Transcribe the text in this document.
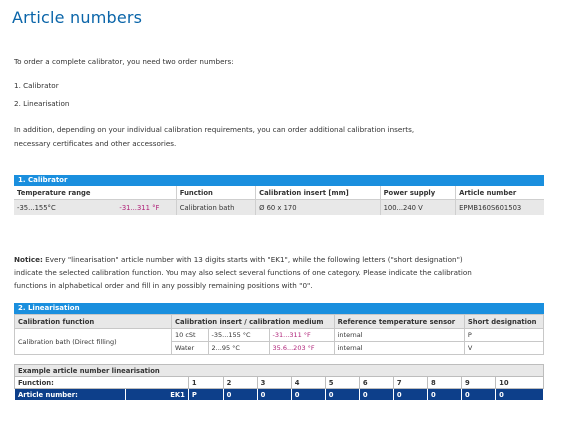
Article numbers
To order a complete calibrator, you need two order numbers:
1. Calibrator
2. Linearisation
In addition, depending on your individual calibration requirements, you can order additional calibration inserts,
necessary certificates and other accessories.
1. Calibrator
Temperature range		Function	Calibration insert [mm]	Power supply	Article number
-35...155°C	-31...311 °F	Calibration bath	Ø 60 x 170	100...240 V	EPMB160S601503
Notice: Every "linearisation" article number with 13 digits starts with "EK1", while the following letters ("short designation")
indicate the selected calibration function. You may also select several functions of one category. Please indicate the calibration
functions in alphabetical order and fill in any possibly remaining positions with "0".
2. Linearisation
Calibration function	Calibration insert / calibration medium			Reference temperature sensor	Short designation
Calibration bath (Direct filling)	10 cSt	-35...155 °C	-31...311 °F	internal	P
	Water	2...95 °C	35.6...203 °F	internal	V
Example article number linearisation											
Function:		1	2	3	4	5	6	7	8	9	10
Article number:	EK1	P	0	0	0	0	0	0	0	0	0
